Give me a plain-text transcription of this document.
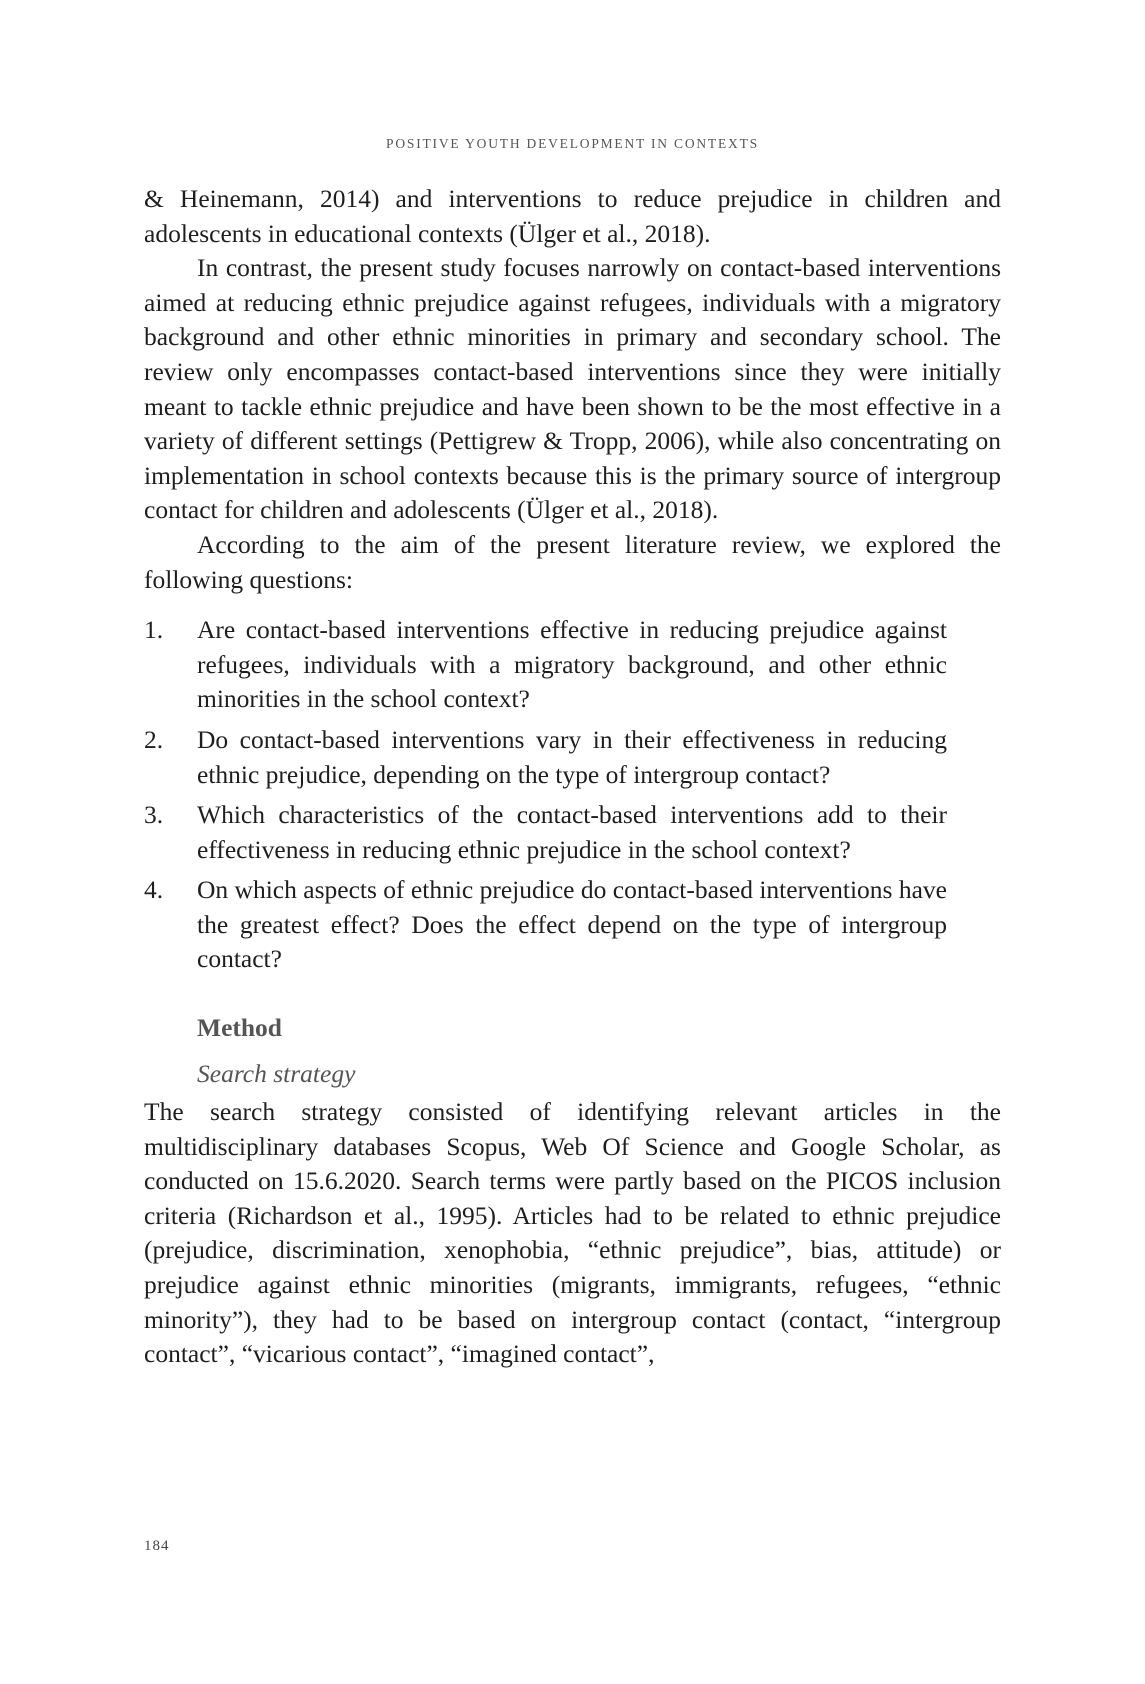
POSITIVE YOUTH DEVELOPMENT IN CONTEXTS

& Heinemann, 2014) and interventions to reduce prejudice in children and adolescents in educational contexts (Ülger et al., 2018).

In contrast, the present study focuses narrowly on contact-based interventions aimed at reducing ethnic prejudice against refugees, individuals with a migratory background and other ethnic minorities in primary and secondary school. The review only encompasses contact-based interventions since they were initially meant to tackle ethnic prejudice and have been shown to be the most effective in a variety of different settings (Pettigrew & Tropp, 2006), while also concentrating on implementation in school contexts because this is the primary source of intergroup contact for children and adolescents (Ülger et al., 2018).

According to the aim of the present literature review, we explored the following questions:

1. Are contact-based interventions effective in reducing prejudice against refugees, individuals with a migratory background, and other ethnic minorities in the school context?
2. Do contact-based interventions vary in their effectiveness in reducing ethnic prejudice, depending on the type of intergroup contact?
3. Which characteristics of the contact-based interventions add to their effectiveness in reducing ethnic prejudice in the school context?
4. On which aspects of ethnic prejudice do contact-based interventions have the greatest effect? Does the effect depend on the type of intergroup contact?
Method
Search strategy

The search strategy consisted of identifying relevant articles in the multidisciplinary databases Scopus, Web Of Science and Google Scholar, as conducted on 15.6.2020. Search terms were partly based on the PICOS inclusion criteria (Richardson et al., 1995). Articles had to be related to ethnic prejudice (prejudice, discrimination, xenophobia, “ethnic prejudice”, bias, attitude) or prejudice against ethnic minorities (migrants, immigrants, refugees, “ethnic minority”), they had to be based on intergroup contact (contact, “intergroup contact”, “vicarious contact”, “imagined contact”,

184
